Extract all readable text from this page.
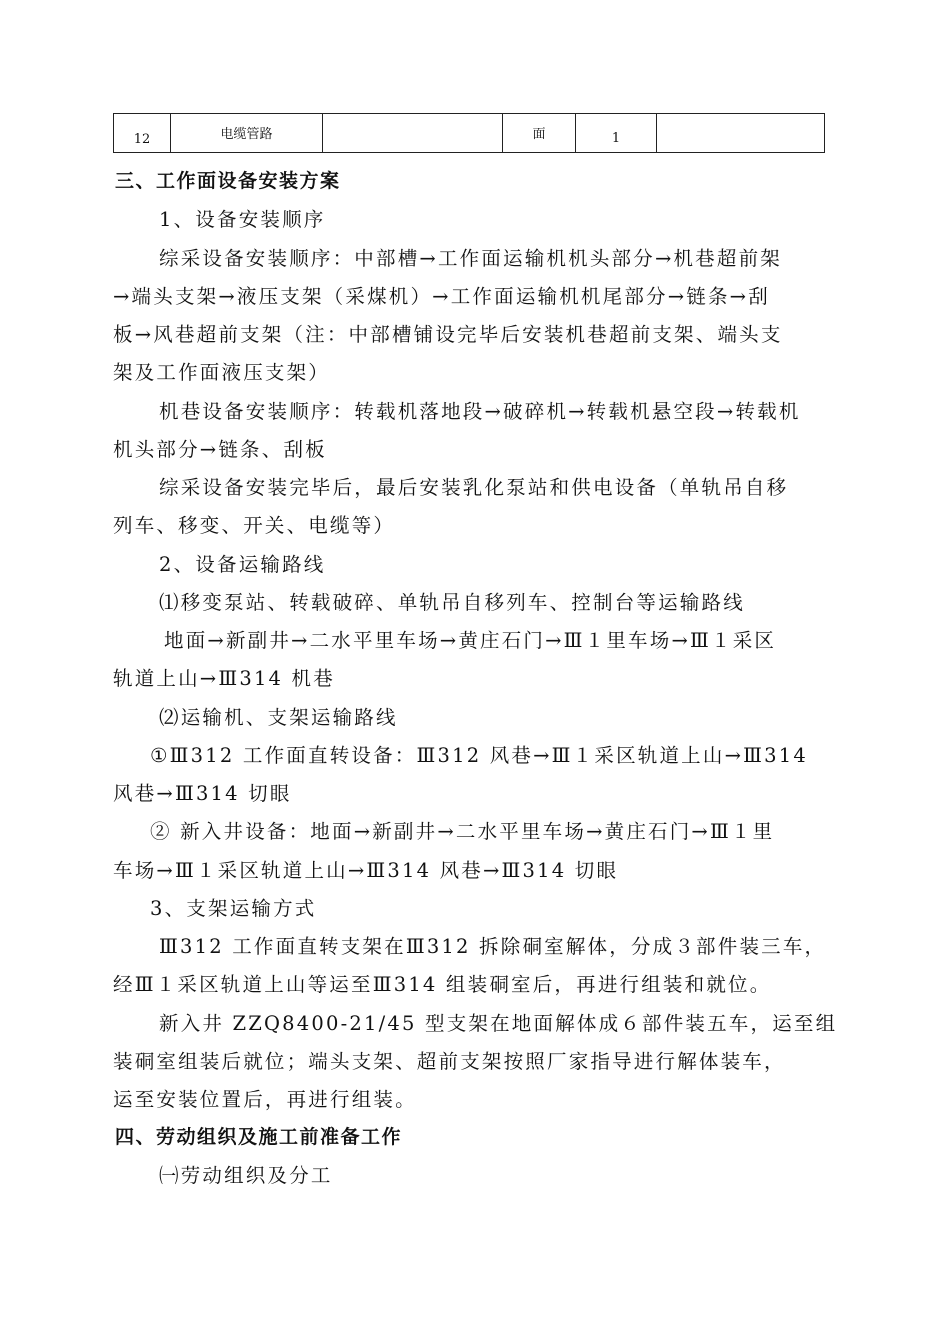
12	电缆管路		面	1	
三、工作面设备安装方案
1、设备安装顺序
综采设备安装顺序：中部槽→工作面运输机机头部分→机巷超前架
→端头支架→液压支架（采煤机）→工作面运输机机尾部分→链条→刮
板→风巷超前支架（注：中部槽铺设完毕后安装机巷超前支架、端头支
架及工作面液压支架）
机巷设备安装顺序：转载机落地段→破碎机→转载机悬空段→转载机
机头部分→链条、刮板
综采设备安装完毕后，最后安装乳化泵站和供电设备（单轨吊自移
列车、移变、开关、电缆等）
2、设备运输路线
⑴移变泵站、转载破碎、单轨吊自移列车、控制台等运输路线
地面→新副井→二水平里车场→黄庄石门→Ⅲ１里车场→Ⅲ１采区
轨道上山→Ⅲ314 机巷
⑵运输机、支架运输路线
①Ⅲ312 工作面直转设备：Ⅲ312 风巷→Ⅲ１采区轨道上山→Ⅲ314
风巷→Ⅲ314 切眼
② 新入井设备：地面→新副井→二水平里车场→黄庄石门→Ⅲ１里
车场→Ⅲ１采区轨道上山→Ⅲ314 风巷→Ⅲ314 切眼
3、支架运输方式
Ⅲ312 工作面直转支架在Ⅲ312 拆除硐室解体，分成３部件装三车，
经Ⅲ１采区轨道上山等运至Ⅲ314 组装硐室后，再进行组装和就位。
新入井 ZZQ8400-21/45 型支架在地面解体成６部件装五车，运至组
装硐室组装后就位；端头支架、超前支架按照厂家指导进行解体装车，
运至安装位置后，再进行组装。
四、劳动组织及施工前准备工作
㈠劳动组织及分工
